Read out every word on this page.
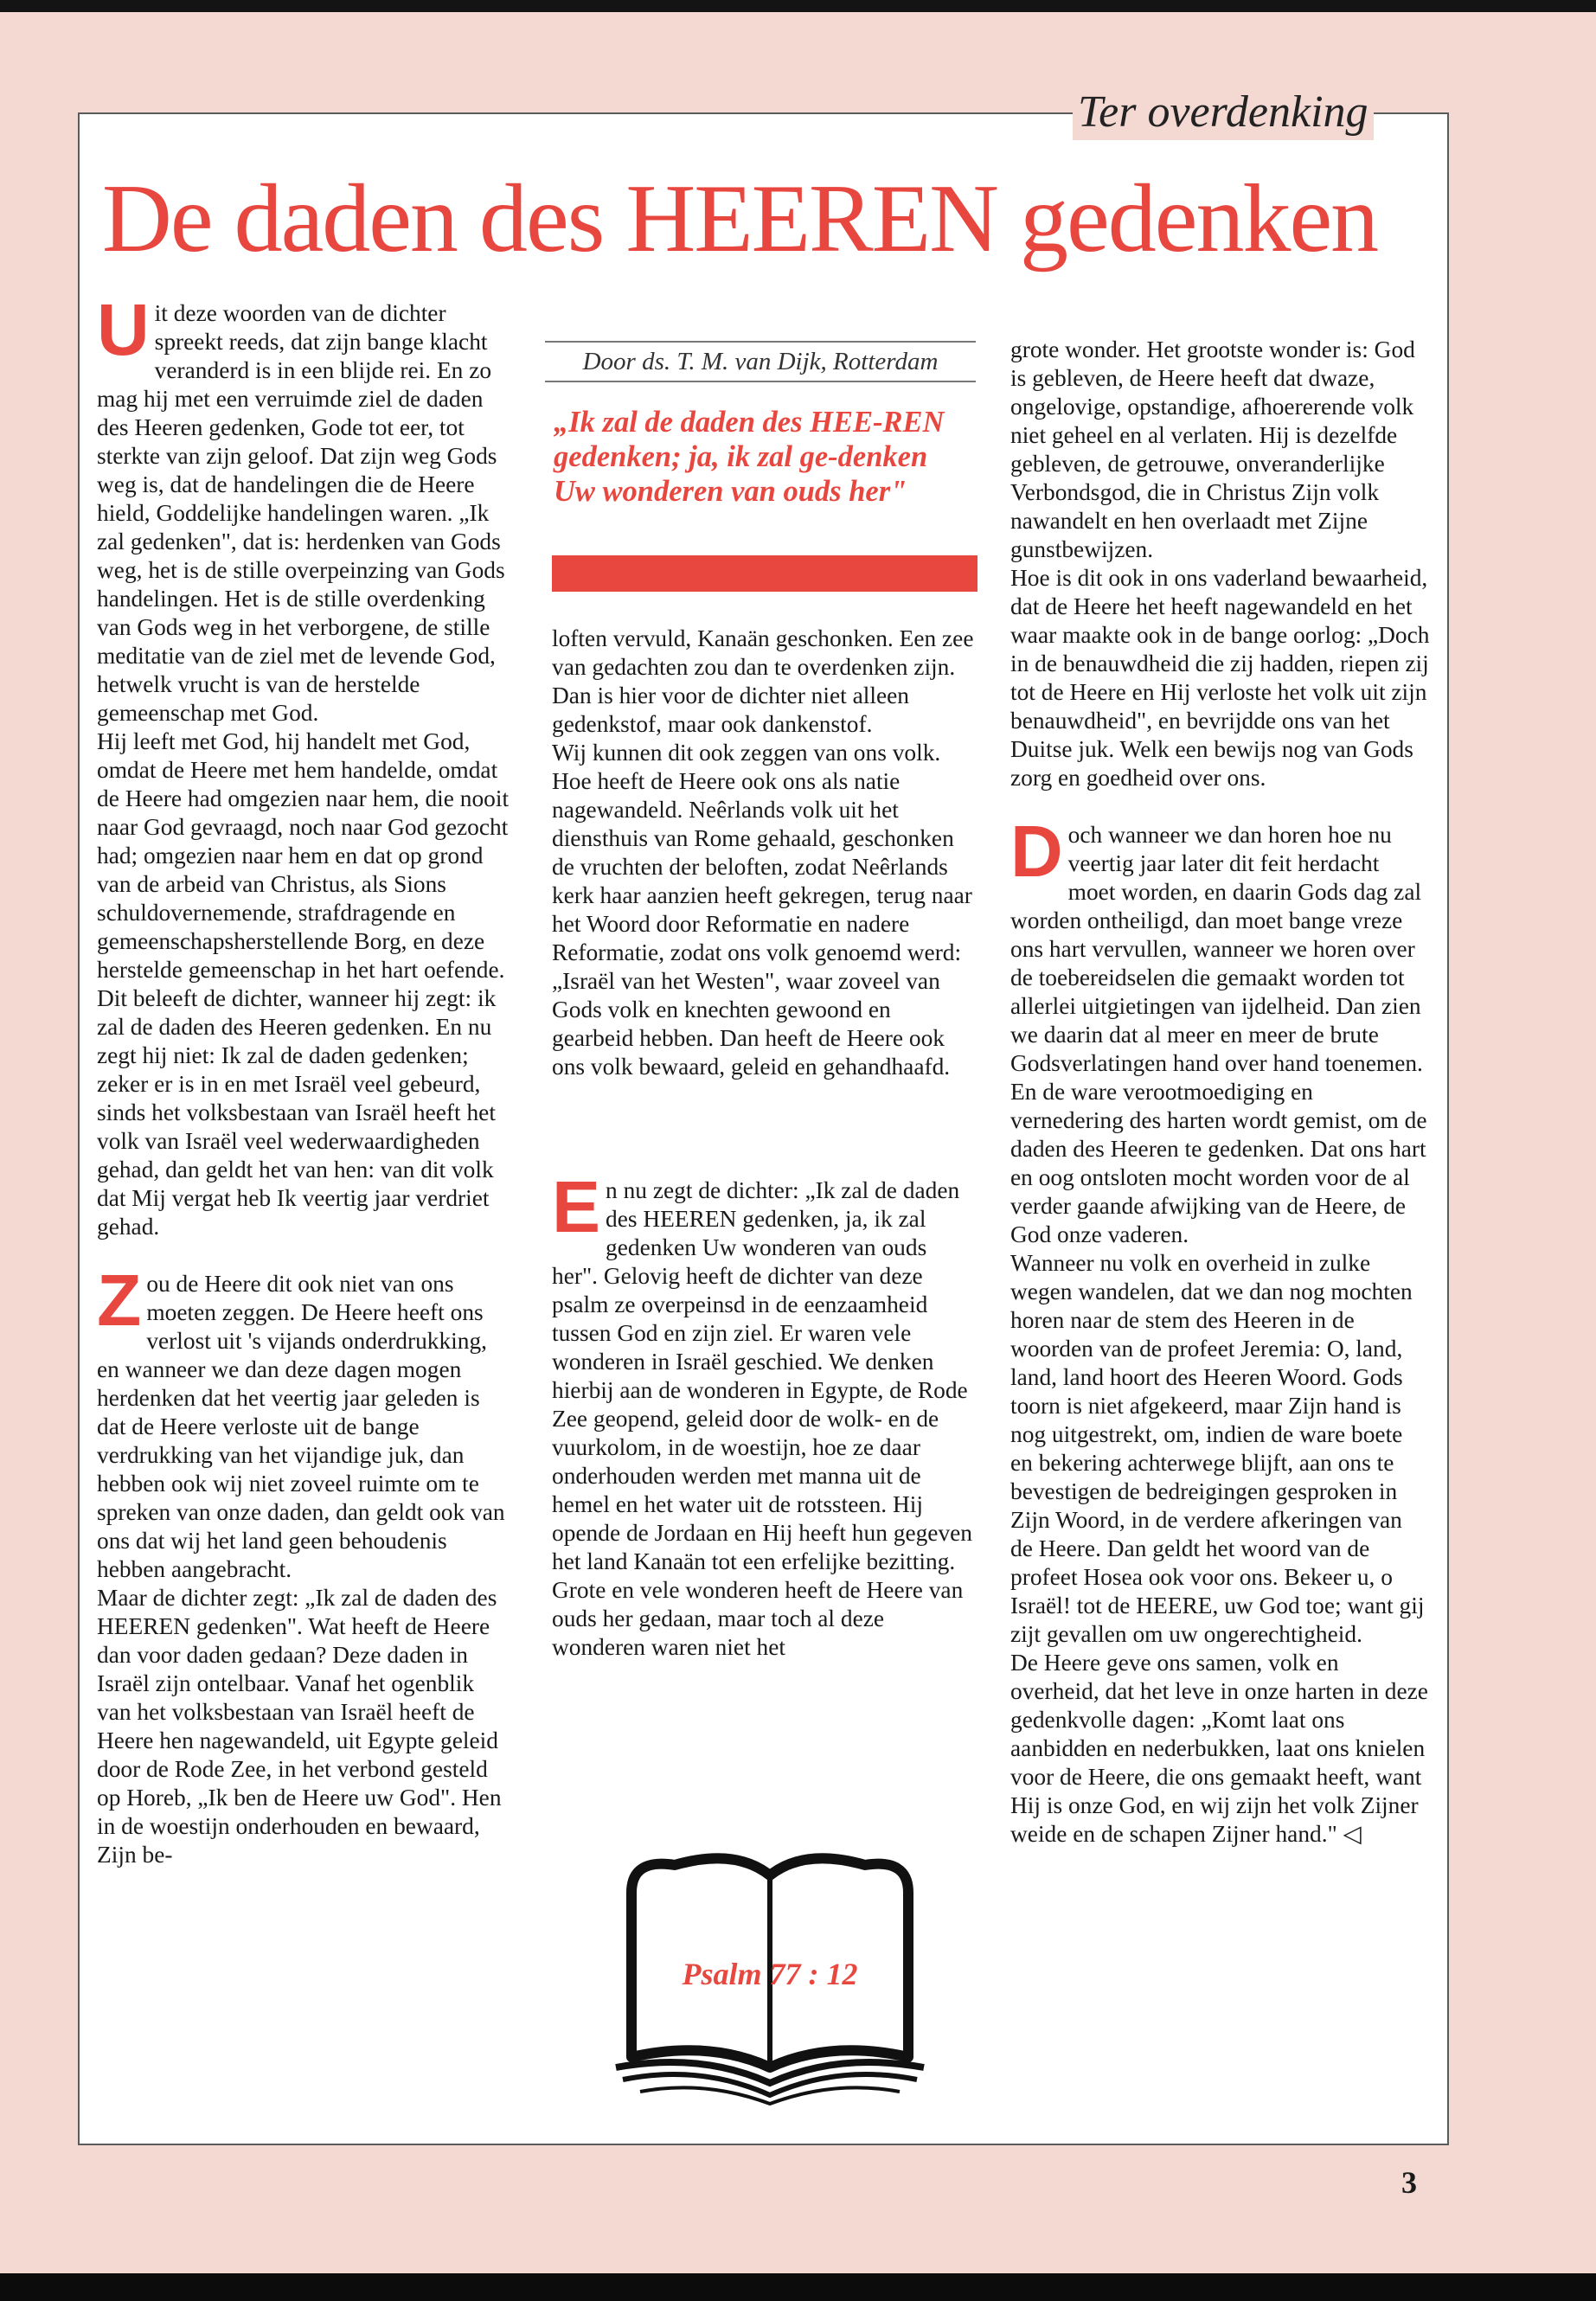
Ter overdenking
De daden des HEEREN gedenken

Uit deze woorden van de dichter spreekt reeds, dat zijn bange klacht veranderd is in een blijde rei. En zo mag hij met een verruimde ziel de daden des Heeren gedenken, Gode tot eer, tot sterkte van zijn geloof. Dat zijn weg Gods weg is, dat de handelingen die de Heere hield, Goddelijke handelingen waren. „Ik zal gedenken", dat is: herdenken van Gods weg, het is de stille overpeinzing van Gods handelingen. Het is de stille overdenking van Gods weg in het verborgene, de stille meditatie van de ziel met de levende God, hetwelk vrucht is van de herstelde gemeenschap met God.

Hij leeft met God, hij handelt met God, omdat de Heere met hem handelde, omdat de Heere had omgezien naar hem, die nooit naar God gevraagd, noch naar God gezocht had; omgezien naar hem en dat op grond van de arbeid van Christus, als Sions schuldovernemende, strafdragende en gemeenschapsherstellende Borg, en deze herstelde gemeenschap in het hart oefende. Dit beleeft de dichter, wanneer hij zegt: ik zal de daden des Heeren gedenken. En nu zegt hij niet: Ik zal de daden gedenken; zeker er is in en met Israël veel gebeurd, sinds het volksbestaan van Israël heeft het volk van Israël veel wederwaardigheden gehad, dan geldt het van hen: van dit volk dat Mij vergat heb Ik veertig jaar verdriet gehad.

Zou de Heere dit ook niet van ons moeten zeggen. De Heere heeft ons verlost uit 's vijands onderdrukking, en wanneer we dan deze dagen mogen herdenken dat het veertig jaar geleden is dat de Heere verloste uit de bange verdrukking van het vijandige juk, dan hebben ook wij niet zoveel ruimte om te spreken van onze daden, dan geldt ook van ons dat wij het land geen behoudenis hebben aangebracht.

Maar de dichter zegt: „Ik zal de daden des HEEREN gedenken". Wat heeft de Heere dan voor daden gedaan? Deze daden in Israël zijn ontelbaar. Vanaf het ogenblik van het volksbestaan van Israël heeft de Heere hen nagewandeld, uit Egypte geleid door de Rode Zee, in het verbond gesteld op Horeb, „Ik ben de Heere uw God". Hen in de woestijn onderhouden en bewaard, Zijn be-

Door ds. T. M. van Dijk, Rotterdam
„Ik zal de daden des HEE-REN gedenken; ja, ik zal ge-denken Uw wonderen van ouds her"

loften vervuld, Kanaän geschonken. Een zee van gedachten zou dan te overdenken zijn. Dan is hier voor de dichter niet alleen gedenkstof, maar ook dankenstof.

Wij kunnen dit ook zeggen van ons volk. Hoe heeft de Heere ook ons als natie nagewandeld. Neêrlands volk uit het diensthuis van Rome gehaald, geschonken de vruchten der beloften, zodat Neêrlands kerk haar aanzien heeft gekregen, terug naar het Woord door Reformatie en nadere Reformatie, zodat ons volk genoemd werd: „Israël van het Westen", waar zoveel van Gods volk en knechten gewoond en gearbeid hebben. Dan heeft de Heere ook ons volk bewaard, geleid en gehandhaafd.

En nu zegt de dichter: „Ik zal de daden des HEEREN gedenken, ja, ik zal gedenken Uw wonderen van ouds her". Gelovig heeft de dichter van deze psalm ze overpeinsd in de eenzaamheid tussen God en zijn ziel. Er waren vele wonderen in Israël geschied. We denken hierbij aan de wonderen in Egypte, de Rode Zee geopend, geleid door de wolk- en de vuurkolom, in de woestijn, hoe ze daar onderhouden werden met manna uit de hemel en het water uit de rotssteen. Hij opende de Jordaan en Hij heeft hun gegeven het land Kanaän tot een erfelijke bezitting.

Grote en vele wonderen heeft de Heere van ouds her gedaan, maar toch al deze wonderen waren niet het

Psalm 77 : 12

grote wonder. Het grootste wonder is: God is gebleven, de Heere heeft dat dwaze, ongelovige, opstandige, afhoererende volk niet geheel en al verlaten. Hij is dezelfde gebleven, de getrouwe, onveranderlijke Verbondsgod, die in Christus Zijn volk nawandelt en hen overlaadt met Zijne gunstbewijzen.

Hoe is dit ook in ons vaderland bewaarheid, dat de Heere het heeft nagewandeld en het waar maakte ook in de bange oorlog: „Doch in de benauwdheid die zij hadden, riepen zij tot de Heere en Hij verloste het volk uit zijn benauwdheid", en bevrijdde ons van het Duitse juk. Welk een bewijs nog van Gods zorg en goedheid over ons.

Doch wanneer we dan horen hoe nu veertig jaar later dit feit herdacht moet worden, en daarin Gods dag zal worden ontheiligd, dan moet bange vreze ons hart vervullen, wanneer we horen over de toebereidselen die gemaakt worden tot allerlei uitgietingen van ijdelheid. Dan zien we daarin dat al meer en meer de brute Godsverlatingen hand over hand toenemen.

En de ware verootmoediging en vernedering des harten wordt gemist, om de daden des Heeren te gedenken. Dat ons hart en oog ontsloten mocht worden voor de al verder gaande afwijking van de Heere, de God onze vaderen.

Wanneer nu volk en overheid in zulke wegen wandelen, dat we dan nog mochten horen naar de stem des Heeren in de woorden van de profeet Jeremia: O, land, land, land hoort des Heeren Woord. Gods toorn is niet afgekeerd, maar Zijn hand is nog uitgestrekt, om, indien de ware boete en bekering achterwege blijft, aan ons te bevestigen de bedreigingen gesproken in Zijn Woord, in de verdere afkeringen van de Heere. Dan geldt het woord van de profeet Hosea ook voor ons. Bekeer u, o Israël! tot de HEERE, uw God toe; want gij zijt gevallen om uw ongerechtigheid.

De Heere geve ons samen, volk en overheid, dat het leve in onze harten in deze gedenkvolle dagen: „Komt laat ons aanbidden en nederbukken, laat ons knielen voor de Heere, die ons gemaakt heeft, want Hij is onze God, en wij zijn het volk Zijner weide en de schapen Zijner hand." ◁

3
